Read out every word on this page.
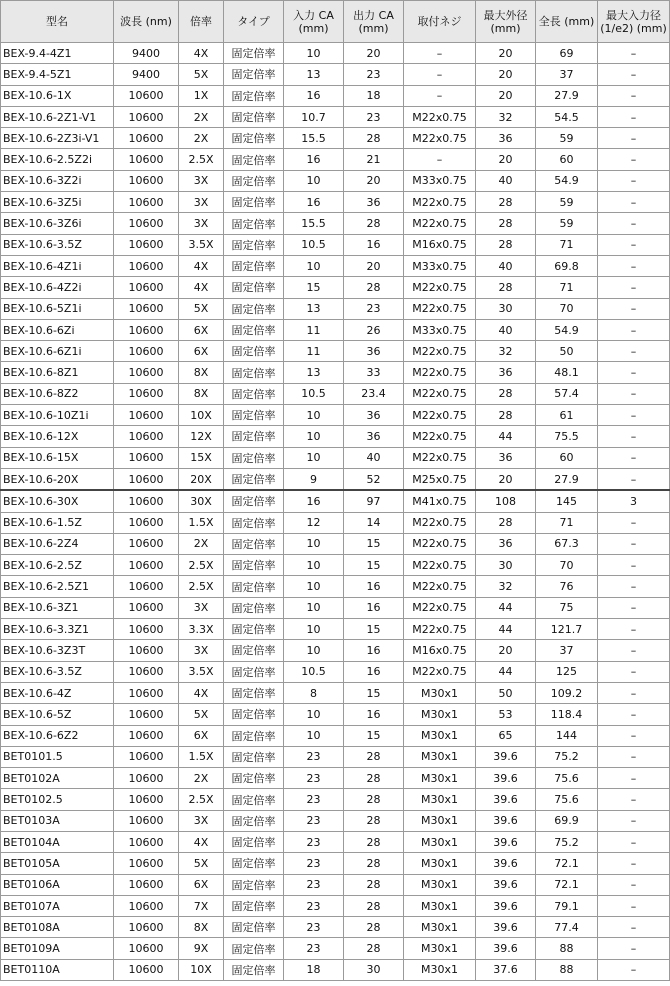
型名	波長 (nm)	倍率	タイプ	入力 CA (mm)	出力 CA (mm)	取付ネジ	最大外径 (mm)	全長 (mm)	最大入力径 (1/e2) (mm)

BEX-9.4-4Z1	9400	4X	固定倍率	10	20	–	20	69	–
BEX-9.4-5Z1	9400	5X	固定倍率	13	23	–	20	37	–
BEX-10.6-1X	10600	1X	固定倍率	16	18	–	20	27.9	–
BEX-10.6-2Z1-V1	10600	2X	固定倍率	10.7	23	M22x0.75	32	54.5	–
BEX-10.6-2Z3i-V1	10600	2X	固定倍率	15.5	28	M22x0.75	36	59	–
BEX-10.6-2.5Z2i	10600	2.5X	固定倍率	16	21	–	20	60	–
BEX-10.6-3Z2i	10600	3X	固定倍率	10	20	M33x0.75	40	54.9	–
BEX-10.6-3Z5i	10600	3X	固定倍率	16	36	M22x0.75	28	59	–
BEX-10.6-3Z6i	10600	3X	固定倍率	15.5	28	M22x0.75	28	59	–
BEX-10.6-3.5Z	10600	3.5X	固定倍率	10.5	16	M16x0.75	28	71	–
BEX-10.6-4Z1i	10600	4X	固定倍率	10	20	M33x0.75	40	69.8	–
BEX-10.6-4Z2i	10600	4X	固定倍率	15	28	M22x0.75	28	71	–
BEX-10.6-5Z1i	10600	5X	固定倍率	13	23	M22x0.75	30	70	–
BEX-10.6-6Zi	10600	6X	固定倍率	11	26	M33x0.75	40	54.9	–
BEX-10.6-6Z1i	10600	6X	固定倍率	11	36	M22x0.75	32	50	–
BEX-10.6-8Z1	10600	8X	固定倍率	13	33	M22x0.75	36	48.1	–
BEX-10.6-8Z2	10600	8X	固定倍率	10.5	23.4	M22x0.75	28	57.4	–
BEX-10.6-10Z1i	10600	10X	固定倍率	10	36	M22x0.75	28	61	–
BEX-10.6-12X	10600	12X	固定倍率	10	36	M22x0.75	44	75.5	–
BEX-10.6-15X	10600	15X	固定倍率	10	40	M22x0.75	36	60	–
BEX-10.6-20X	10600	20X	固定倍率	9	52	M25x0.75	20	27.9	–
BEX-10.6-30X	10600	30X	固定倍率	16	97	M41x0.75	108	145	3
BEX-10.6-1.5Z	10600	1.5X	固定倍率	12	14	M22x0.75	28	71	–
BEX-10.6-2Z4	10600	2X	固定倍率	10	15	M22x0.75	36	67.3	–
BEX-10.6-2.5Z	10600	2.5X	固定倍率	10	15	M22x0.75	30	70	–
BEX-10.6-2.5Z1	10600	2.5X	固定倍率	10	16	M22x0.75	32	76	–
BEX-10.6-3Z1	10600	3X	固定倍率	10	16	M22x0.75	44	75	–
BEX-10.6-3.3Z1	10600	3.3X	固定倍率	10	15	M22x0.75	44	121.7	–
BEX-10.6-3Z3T	10600	3X	固定倍率	10	16	M16x0.75	20	37	–
BEX-10.6-3.5Z	10600	3.5X	固定倍率	10.5	16	M22x0.75	44	125	–
BEX-10.6-4Z	10600	4X	固定倍率	8	15	M30x1	50	109.2	–
BEX-10.6-5Z	10600	5X	固定倍率	10	16	M30x1	53	118.4	–
BEX-10.6-6Z2	10600	6X	固定倍率	10	15	M30x1	65	144	–
BET0101.5	10600	1.5X	固定倍率	23	28	M30x1	39.6	75.2	–
BET0102A	10600	2X	固定倍率	23	28	M30x1	39.6	75.6	–
BET0102.5	10600	2.5X	固定倍率	23	28	M30x1	39.6	75.6	–
BET0103A	10600	3X	固定倍率	23	28	M30x1	39.6	69.9	–
BET0104A	10600	4X	固定倍率	23	28	M30x1	39.6	75.2	–
BET0105A	10600	5X	固定倍率	23	28	M30x1	39.6	72.1	–
BET0106A	10600	6X	固定倍率	23	28	M30x1	39.6	72.1	–
BET0107A	10600	7X	固定倍率	23	28	M30x1	39.6	79.1	–
BET0108A	10600	8X	固定倍率	23	28	M30x1	39.6	77.4	–
BET0109A	10600	9X	固定倍率	23	28	M30x1	39.6	88	–
BET0110A	10600	10X	固定倍率	18	30	M30x1	37.6	88	–
